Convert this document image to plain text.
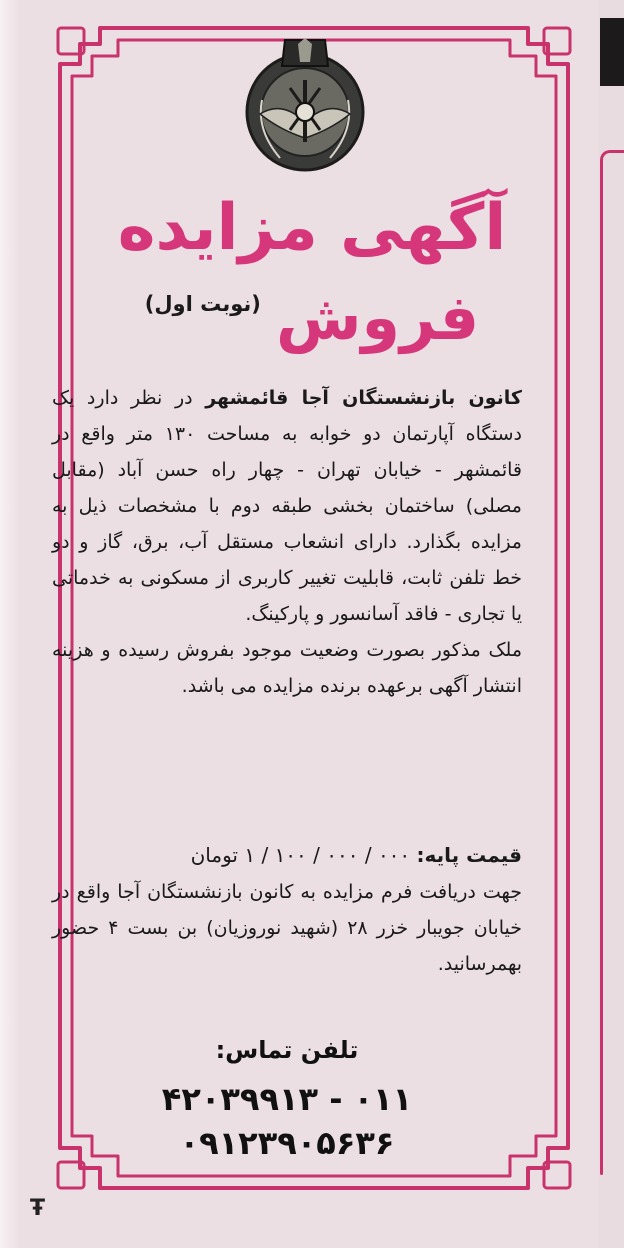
آگهی مزایده
فروش (نوبت اول)

کانون بازنشستگان آجا قائمشهر در نظر دارد یک دستگاه آپارتمان دو خوابه به مساحت ۱۳۰ متر واقع در قائمشهر - خیابان تهران - چهار راه حسن آباد (مقابل مصلی) ساختمان بخشی طبقه دوم با مشخصات ذیل به مزایده بگذارد. دارای انشعاب مستقل آب، برق، گاز و دو خط تلفن ثابت، قابلیت تغییر کاربری از مسکونی به خدماتی یا تجاری - فاقد آسانسور و پارکینگ.

ملک مذکور بصورت وضعیت موجود بفروش رسیده و هزینه انتشار آگهی برعهده برنده مزایده می باشد.

قیمت پایه: ۰۰۰ / ۰۰۰ / ۱۰۰ / ۱ تومان
جهت دریافت فرم مزایده به کانون بازنشستگان آجا واقع در خیابان جویبار خزر ۲۸ (شهید نوروزیان) بن بست ۴ حضور بهمرسانید.
تلفن تماس:
۰۱۱ - ۴۲۰۳۹۹۱۳
۰۹۱۲۳۹۰۵۶۳۶
Ŧ
